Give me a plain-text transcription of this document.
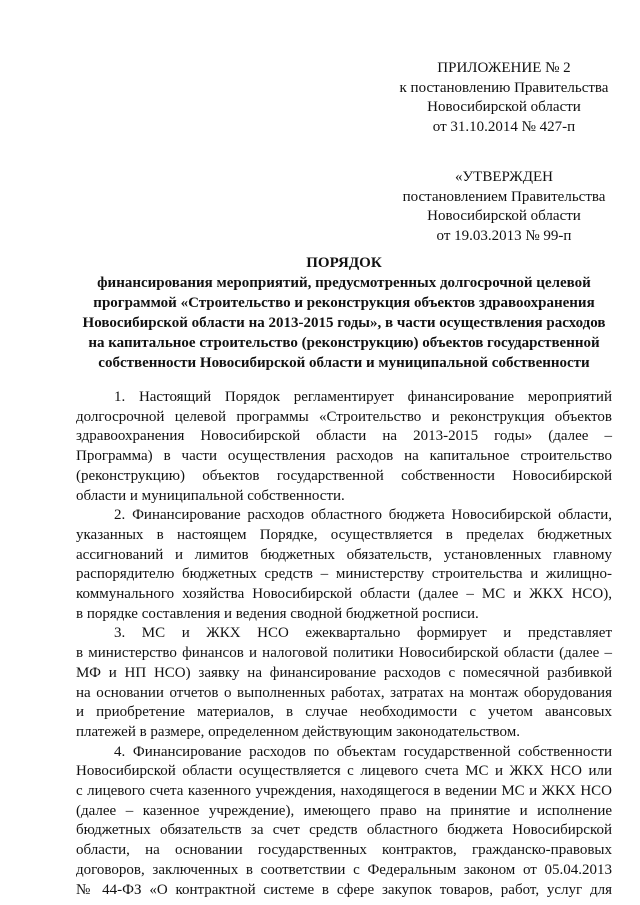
ПРИЛОЖЕНИЕ № 2
к постановлению Правительства
Новосибирской области
от 31.10.2014 № 427-п
«УТВЕРЖДЕН
постановлением Правительства
Новосибирской области
от 19.03.2013 № 99-п
ПОРЯДОК
финансирования мероприятий, предусмотренных долгосрочной целевой
программой «Строительство и реконструкция объектов здравоохранения
Новосибирской области на 2013-2015 годы», в части осуществления расходов
на капитальное строительство (реконструкцию) объектов государственной
собственности Новосибирской области и муниципальной собственности

1. Настоящий Порядок регламентирует финансирование мероприятий
долгосрочной целевой программы «Строительство и реконструкция объектов
здравоохранения Новосибирской области на 2013-2015 годы» (далее –
Программа) в части осуществления расходов на капитальное строительство
(реконструкцию) объектов государственной собственности Новосибирской
области и муниципальной собственности.

2. Финансирование расходов областного бюджета Новосибирской области,
указанных в настоящем Порядке, осуществляется в пределах бюджетных
ассигнований и лимитов бюджетных обязательств, установленных главному
распорядителю бюджетных средств – министерству строительства и жилищно-
коммунального хозяйства Новосибирской области (далее – МС и ЖКХ НСО),
в порядке составления и ведения сводной бюджетной росписи.

3. МС и ЖКХ НСО ежеквартально формирует и представляет
в министерство финансов и налоговой политики Новосибирской области (далее –
МФ и НП НСО) заявку на финансирование расходов с помесячной разбивкой
на основании отчетов о выполненных работах, затратах на монтаж оборудования
и приобретение материалов, в случае необходимости с учетом авансовых
платежей в размере, определенном действующим законодательством.

4. Финансирование расходов по объектам государственной собственности
Новосибирской области осуществляется с лицевого счета МС и ЖКХ НСО или
с лицевого счета казенного учреждения, находящегося в ведении МС и ЖКХ НСО
(далее – казенное учреждение), имеющего право на принятие и исполнение
бюджетных обязательств за счет средств областного бюджета Новосибирской
области, на основании государственных контрактов, гражданско-правовых
договоров, заключенных в соответствии с Федеральным законом от 05.04.2013
№ 44-ФЗ «О контрактной системе в сфере закупок товаров, работ, услуг для
